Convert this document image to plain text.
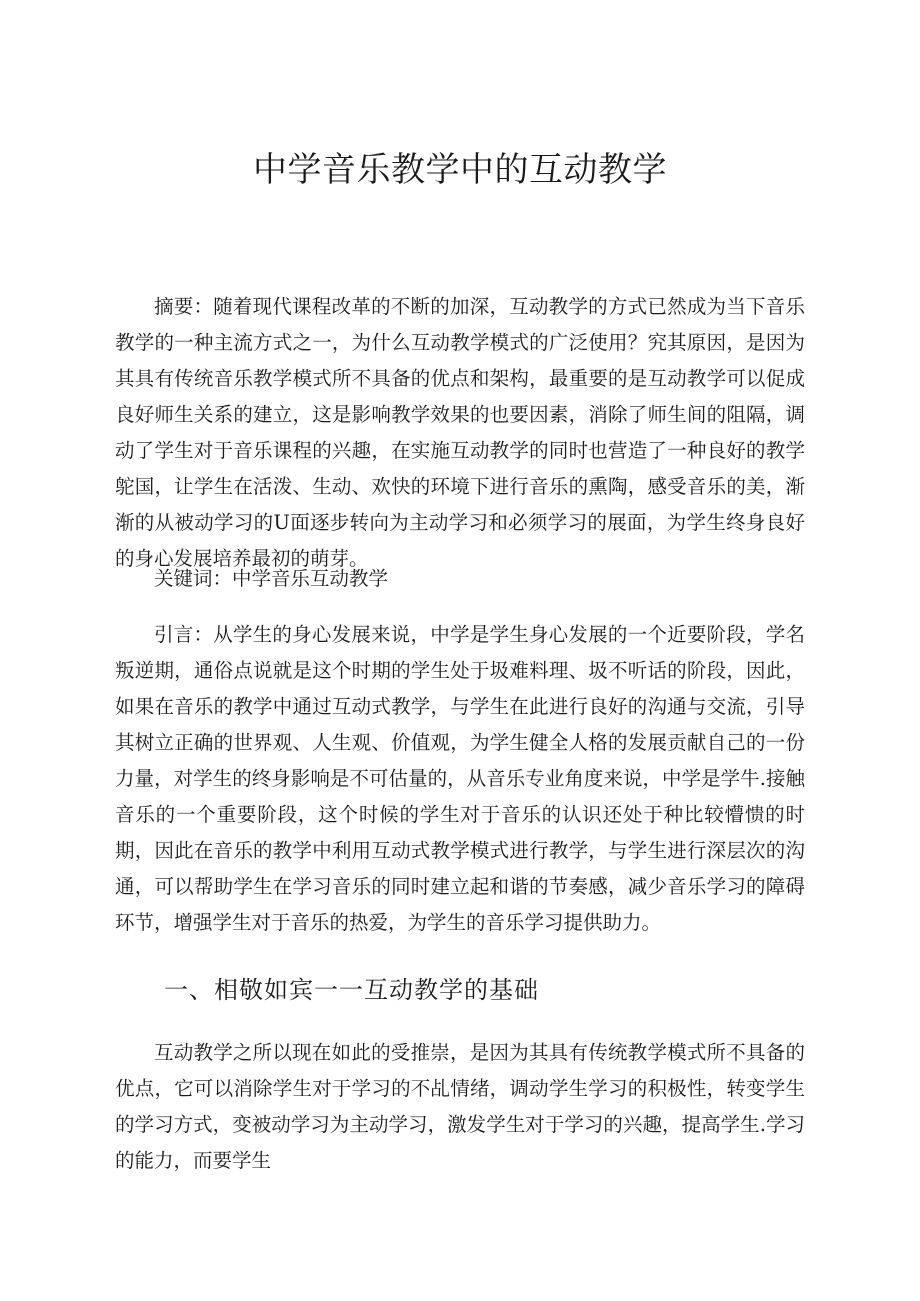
中学音乐教学中的互动教学

摘要：随着现代课程改革的不断的加深，互动教学的方式已然成为当下音乐教学的一种主流方式之一，为什么互动教学模式的广泛使用？究其原因，是因为其具有传统音乐教学模式所不具备的优点和架构，最重要的是互动教学可以促成良好师生关系的建立，这是影响教学效果的也要因素，消除了师生间的阻隔，调动了学生对于音乐课程的兴趣，在实施互动教学的同时也营造了一种良好的教学鸵国，让学生在活泼、生动、欢快的环境下进行音乐的熏陶，感受音乐的美，渐渐的从被动学习的U面逐步转向为主动学习和必须学习的展面，为学生终身良好的身心发展培养最初的萌芽。

关键词：中学音乐互动教学

引言：从学生的身心发展来说，中学是学生身心发展的一个近要阶段，学名叛逆期，通俗点说就是这个时期的学生处于圾难料理、圾不听话的阶段，因此，如果在音乐的教学中通过互动式教学，与学生在此进行良好的沟通与交流，引导其树立正确的世界观、人生观、价值观，为学生健全人格的发展贡献自己的一份力量，对学生的终身影响是不可估量的，从音乐专业角度来说，中学是学牛.接触音乐的一个重要阶段，这个时候的学生对于音乐的认识还处于种比较懵愦的时期，因此在音乐的教学中利用互动式教学模式进行教学，与学生进行深层次的沟通，可以帮助学生在学习音乐的同时建立起和谐的节奏感，减少音乐学习的障碍环节，增强学生对于音乐的热爱，为学生的音乐学习提供助力。

一、相敬如宾一一互动教学的基础

互动教学之所以现在如此的受推崇，是因为其具有传统教学模式所不具备的优点，它可以消除学生对于学习的不乩情绪，调动学生学习的积极性，转变学生的学习方式，变被动学习为主动学习，激发学生对于学习的兴趣，提高学生.学习的能力，而要学生
